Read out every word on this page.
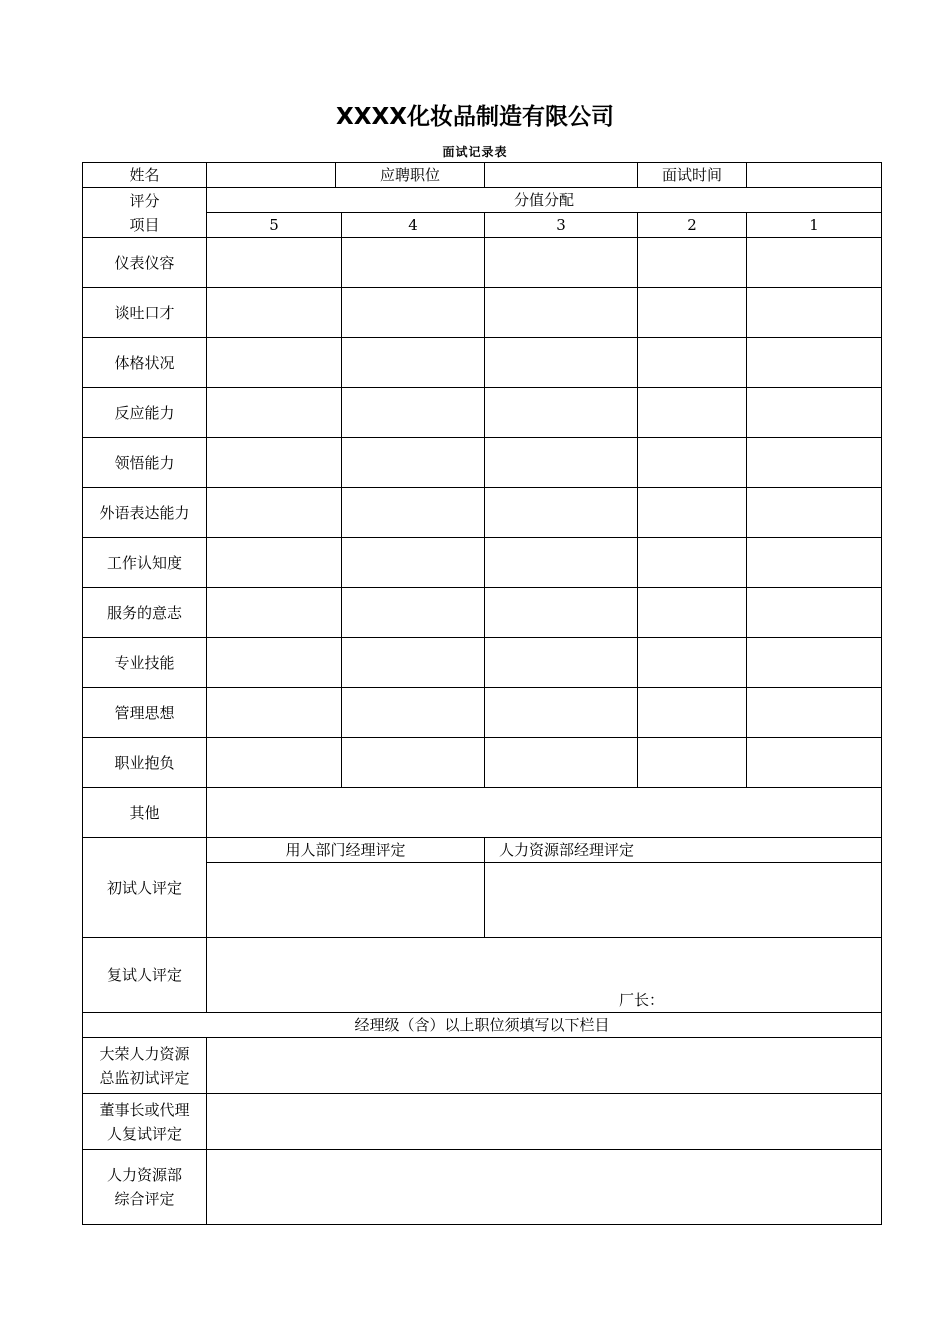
XXXX化妆品制造有限公司
面试记录表
姓名		应聘职位			面试时间	

评分
项目	分值分配					
	5		4	3	2	1
仪表仪容						
谈吐口才						
体格状况						
反应能力						
领悟能力						
外语表达能力						
工作认知度						
服务的意志						
专业技能						
管理思想						
职业抱负						
其他						
初试人评定	用人部门经理评定			人力资源部经理评定		

复试人评定	厂长：					

经理级（含）以上职位须填写以下栏目						

大荣人力资源
总监初试评定						

董事长或代理
人复试评定						

人力资源部
综合评定						
